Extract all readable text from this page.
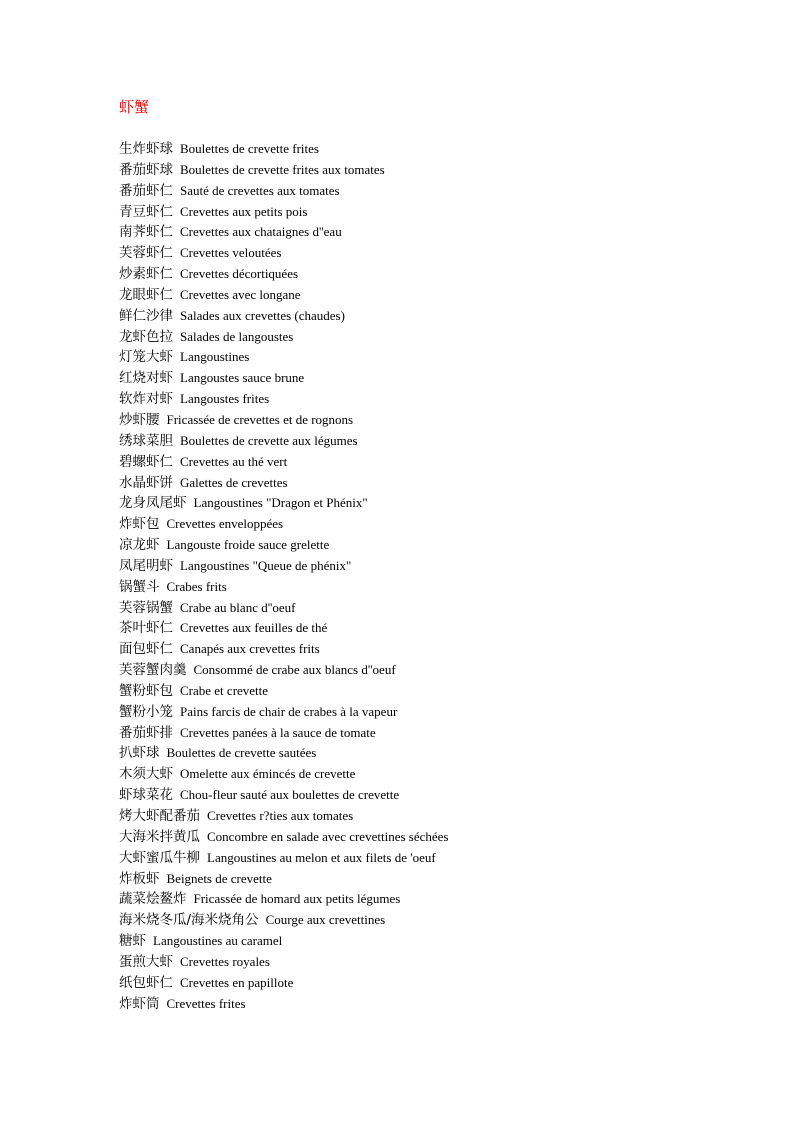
虾蟹
生炸虾球 Boulettes de crevette frites
番茄虾球 Boulettes de crevette frites aux tomates
番茄虾仁 Sauté de crevettes aux tomates
青豆虾仁 Crevettes aux petits pois
南荠虾仁 Crevettes aux chataignes d''eau
芙蓉虾仁 Crevettes veloutées
炒素虾仁 Crevettes décortiquées
龙眼虾仁 Crevettes avec longane
鲜仁沙律 Salades aux crevettes (chaudes)
龙虾色拉 Salades de langoustes
灯笼大虾 Langoustines
红烧对虾 Langoustes sauce brune
软炸对虾 Langoustes frites
炒虾腰 Fricassée de crevettes et de rognons
绣球菜胆 Boulettes de crevette aux légumes
碧螺虾仁 Crevettes au thé vert
水晶虾饼 Galettes de crevettes
龙身凤尾虾 Langoustines "Dragon et Phénix"
炸虾包 Crevettes enveloppées
凉龙虾 Langouste froide sauce grelette
凤尾明虾 Langoustines "Queue de phénix"
锅蟹斗 Crabes frits
芙蓉锅蟹 Crabe au blanc d''oeuf
茶叶虾仁 Crevettes aux feuilles de thé
面包虾仁 Canapés aux crevettes frits
芙蓉蟹肉羹 Consommé de crabe aux blancs d''oeuf
蟹粉虾包 Crabe et crevette
蟹粉小笼 Pains farcis de chair de crabes à la vapeur
番茄虾排 Crevettes panées à la sauce de tomate
扒虾球 Boulettes de crevette sautées
木须大虾 Omelette aux émincés de crevette
虾球菜花 Chou-fleur sauté aux boulettes de crevette
烤大虾配番茄 Crevettes r?ties aux tomates
大海米拌黄瓜 Concombre en salade avec crevettines séchées
大虾蜜瓜牛柳 Langoustines au melon et aux filets de 'oeuf
炸板虾 Beignets de crevette
蔬菜烩鳌炸 Fricassée de homard aux petits légumes
海米烧冬瓜/海米烧角公 Courge aux crevettines
糖虾 Langoustines au caramel
蛋煎大虾 Crevettes royales
纸包虾仁 Crevettes en papillote
炸虾筒 Crevettes frites
